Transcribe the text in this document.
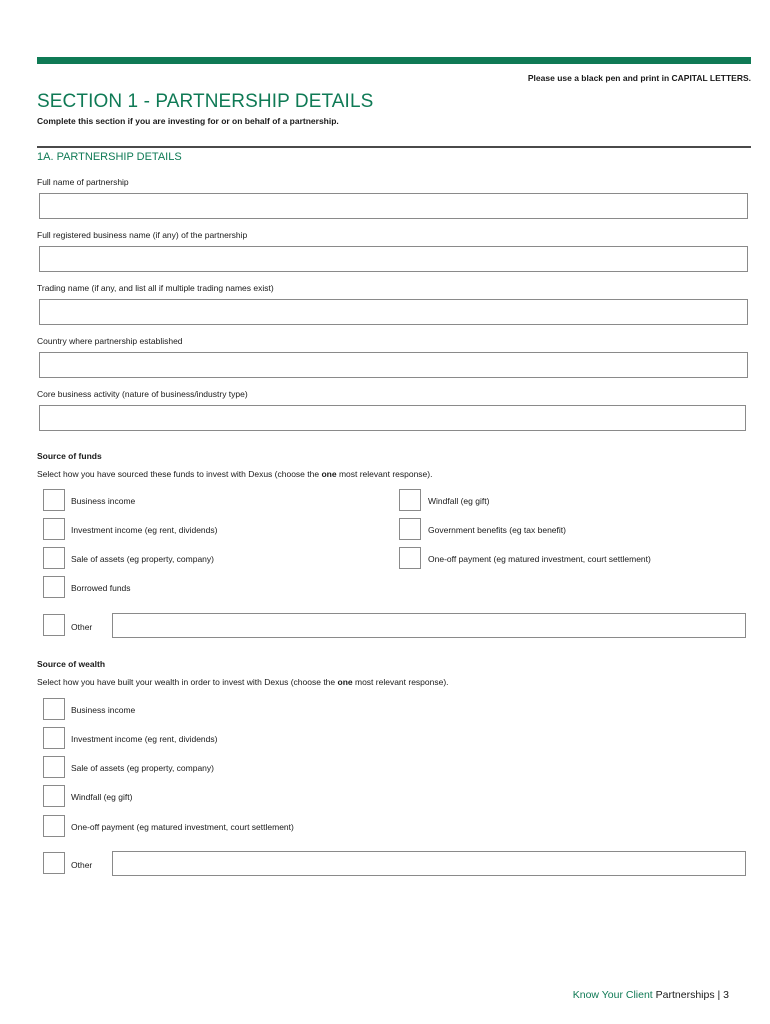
Please use a black pen and print in CAPITAL LETTERS.
SECTION 1 - PARTNERSHIP DETAILS
Complete this section if you are investing for or on behalf of a partnership.
1A. PARTNERSHIP DETAILS
Full name of partnership
Full registered business name (if any) of the partnership
Trading name (if any, and list all if multiple trading names exist)
Country where partnership established
Core business activity (nature of business/industry type)
Source of funds
Select how you have sourced these funds to invest with Dexus (choose the one most relevant response).
Business income	Windfall (eg gift)
Investment income (eg rent, dividends)	Government benefits (eg tax benefit)
Sale of assets (eg property, company)	One-off payment (eg matured investment, court settlement)
Borrowed funds
Other
Source of wealth
Select how you have built your wealth in order to invest with Dexus (choose the one most relevant response).
Business income
Investment income (eg rent, dividends)
Sale of assets (eg property, company)
Windfall (eg gift)
One-off payment (eg matured investment, court settlement)
Other
Know Your Client Partnerships | 3
